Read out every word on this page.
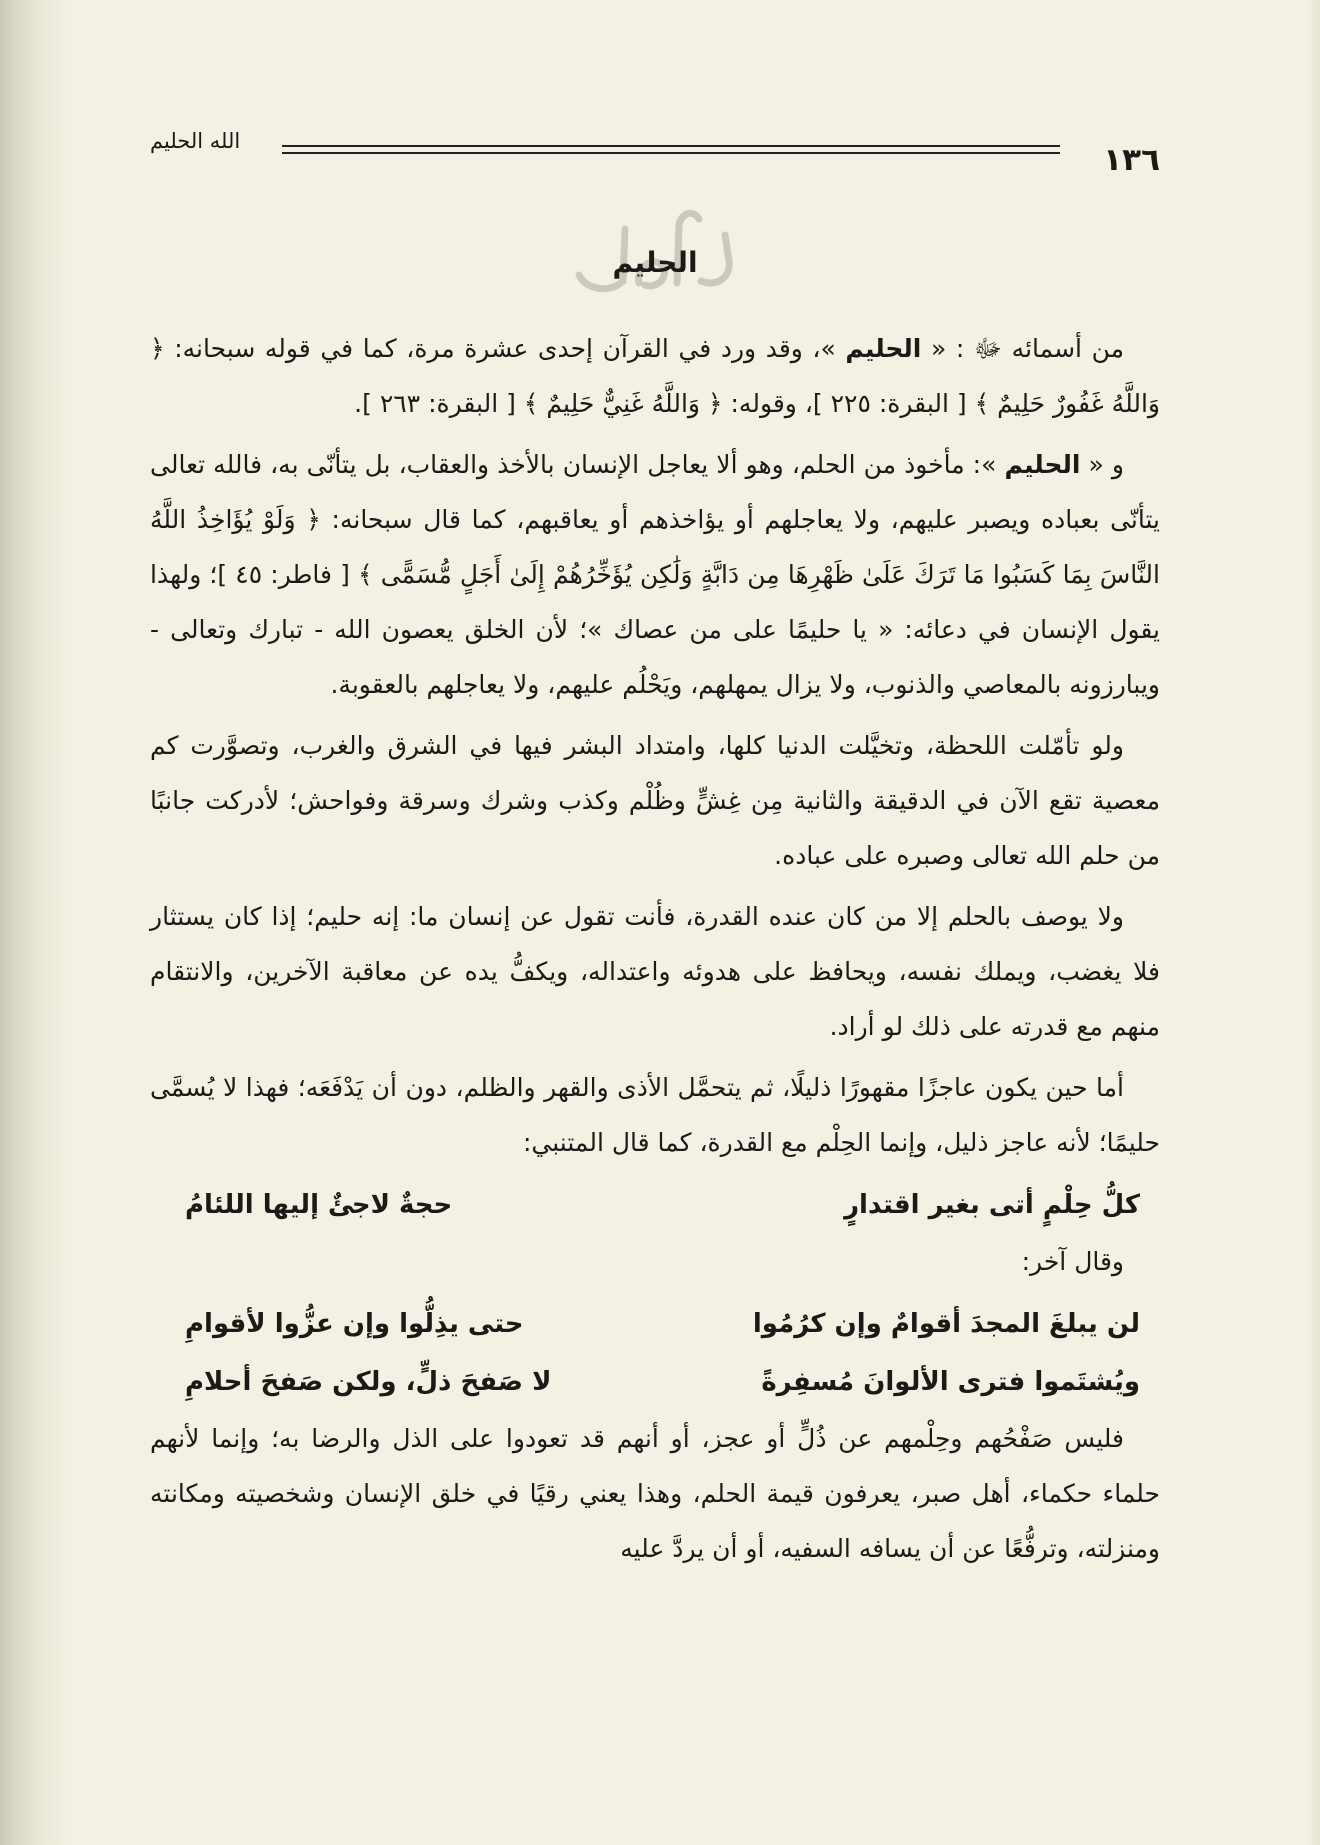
١٣٦
الله الحليم
الحليم

من أسمائه ﷻ : « الحليم »، وقد ورد في القرآن إحدى عشرة مرة، كما في قوله سبحانه: ﴿ وَاللَّهُ غَفُورٌ حَلِيمٌ ﴾ [ البقرة: ٢٢٥ ]، وقوله: ﴿ وَاللَّهُ غَنِيٌّ حَلِيمٌ ﴾ [ البقرة: ٢٦٣ ].

و « الحليم »: مأخوذ من الحلم، وهو ألا يعاجل الإنسان بالأخذ والعقاب، بل يتأنّى به، فالله تعالى يتأنّى بعباده ويصبر عليهم، ولا يعاجلهم أو يؤاخذهم أو يعاقبهم، كما قال سبحانه: ﴿ وَلَوْ يُؤَاخِذُ اللَّهُ النَّاسَ بِمَا كَسَبُوا مَا تَرَكَ عَلَىٰ ظَهْرِهَا مِن دَابَّةٍ وَلَٰكِن يُؤَخِّرُهُمْ إِلَىٰ أَجَلٍ مُّسَمًّى ﴾ [ فاطر: ٤٥ ]؛ ولهذا يقول الإنسان في دعائه: « يا حليمًا على من عصاك »؛ لأن الخلق يعصون الله - تبارك وتعالى - ويبارزونه بالمعاصي والذنوب، ولا يزال يمهلهم، ويَحْلُم عليهم، ولا يعاجلهم بالعقوبة.

ولو تأمّلت اللحظة، وتخيَّلت الدنيا كلها، وامتداد البشر فيها في الشرق والغرب، وتصوَّرت كم معصية تقع الآن في الدقيقة والثانية مِن غِشٍّ وظُلْم وكذب وشرك وسرقة وفواحش؛ لأدركت جانبًا من حلم الله تعالى وصبره على عباده.

ولا يوصف بالحلم إلا من كان عنده القدرة، فأنت تقول عن إنسان ما: إنه حليم؛ إذا كان يستثار فلا يغضب، ويملك نفسه، ويحافظ على هدوئه واعتداله، ويكفُّ يده عن معاقبة الآخرين، والانتقام منهم مع قدرته على ذلك لو أراد.

أما حين يكون عاجزًا مقهورًا ذليلًا، ثم يتحمَّل الأذى والقهر والظلم، دون أن يَدْفَعَه؛ فهذا لا يُسمَّى حليمًا؛ لأنه عاجز ذليل، وإنما الحِلْم مع القدرة، كما قال المتنبي:

كلُّ حِلْمٍ أتى بغير اقتدارٍ
حجةٌ لاجئٌ إليها اللئامُ

وقال آخر:

لن يبلغَ المجدَ أقوامٌ وإن كرُمُوا
حتى يذِلُّوا وإن عزُّوا لأقوامِ
ويُشتَموا فترى الألوانَ مُسفِرةً
لا صَفحَ ذلٍّ، ولكن صَفحَ أحلامِ

فليس صَفْحُهم وحِلْمهم عن ذُلٍّ أو عجز، أو أنهم قد تعودوا على الذل والرضا به؛ وإنما لأنهم حلماء حكماء، أهل صبر، يعرفون قيمة الحلم، وهذا يعني رقيًا في خلق الإنسان وشخصيته ومكانته ومنزلته، وترفُّعًا عن أن يسافه السفيه، أو أن يردَّ عليه
